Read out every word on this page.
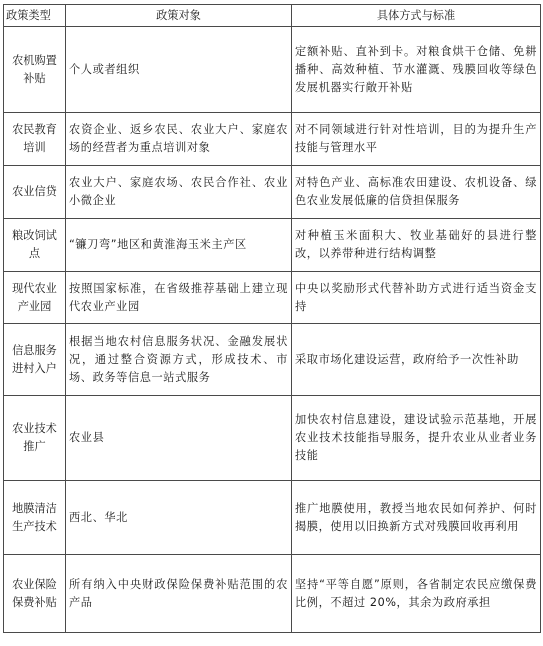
政策类型	政策对象	具体方式与标准
农机购置补贴	个人或者组织	定额补贴、直补到卡。对粮食烘干仓储、免耕播种、高效种植、节水灌溉、残膜回收等绿色发展机器实行敞开补贴
农民教育培训	农资企业、返乡农民、农业大户、家庭农场的经营者为重点培训对象	对不同领域进行针对性培训，目的为提升生产技能与管理水平
农业信贷	农业大户、家庭农场、农民合作社、农业小微企业	对特色产业、高标准农田建设、农机设备、绿色农业发展低廉的信贷担保服务
粮改饲试点	“镰刀弯”地区和黄淮海玉米主产区	对种植玉米面积大、牧业基础好的县进行整改，以养带种进行结构调整
现代农业产业园	按照国家标准，在省级推荐基础上建立现代农业产业园	中央以奖励形式代替补助方式进行适当资金支持
信息服务进村入户	根据当地农村信息服务状况、金融发展状况，通过整合资源方式，形成技术、市场、政务等信息一站式服务	采取市场化建设运营，政府给予一次性补助
农业技术推广	农业县	加快农村信息建设，建设试验示范基地，开展农业技术技能指导服务，提升农业从业者业务技能
地膜清洁生产技术	西北、华北	推广地膜使用，教授当地农民如何养护、何时揭膜，使用以旧换新方式对残膜回收再利用
农业保险保费补贴	所有纳入中央财政保险保费补贴范围的农产品	坚持“平等自愿”原则，各省制定农民应缴保费比例，不超过 20%，其余为政府承担
